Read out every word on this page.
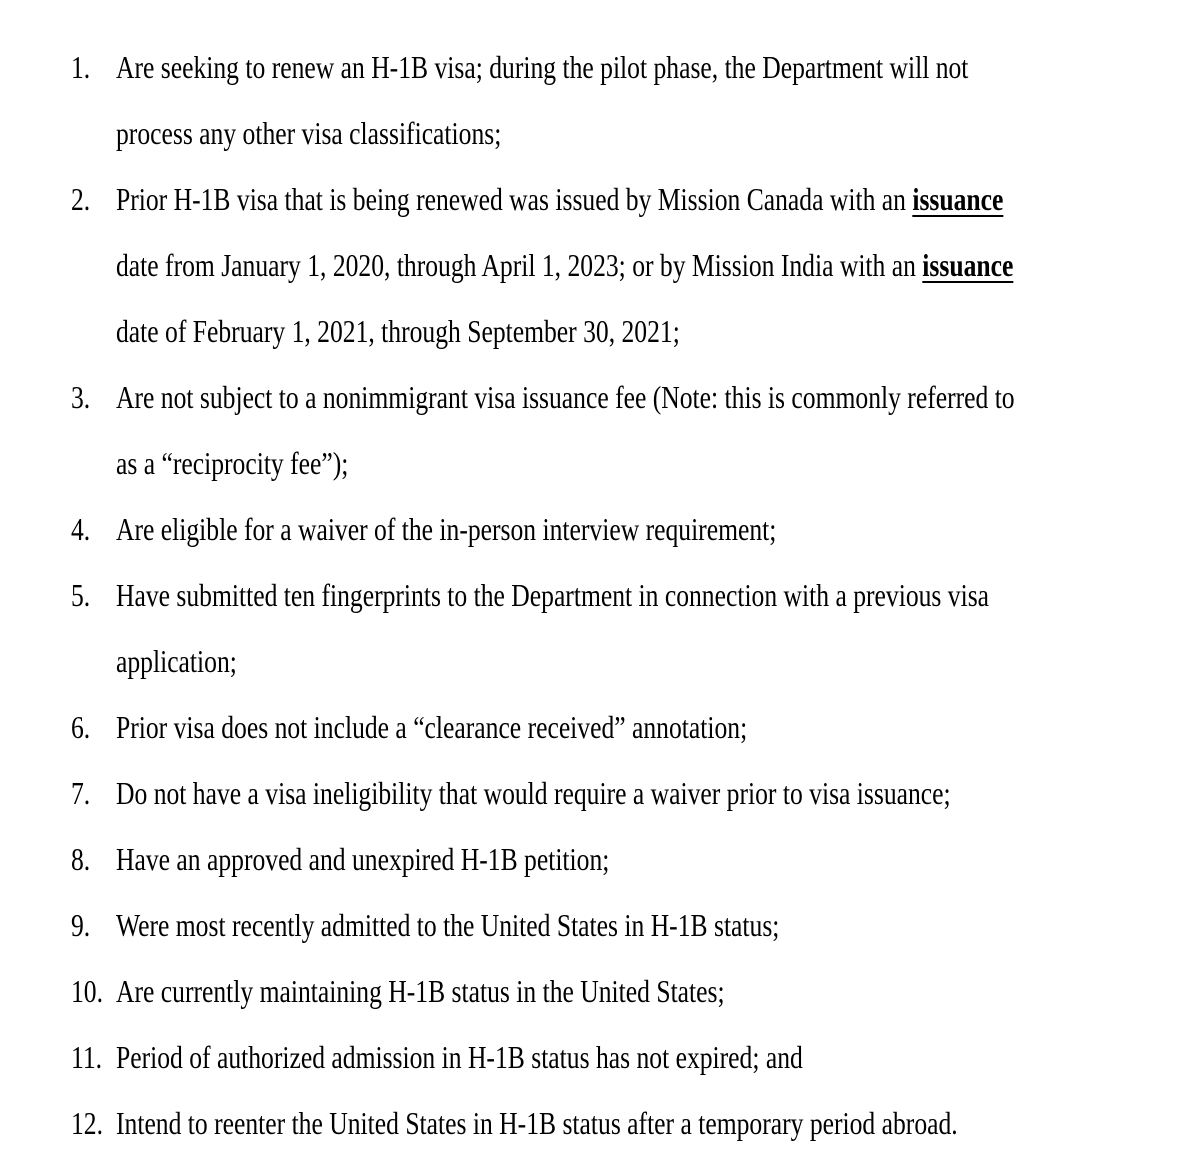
1. Are seeking to renew an H-1B visa; during the pilot phase, the Department will not
process any other visa classifications;
2. Prior H-1B visa that is being renewed was issued by Mission Canada with an issuance
date from January 1, 2020, through April 1, 2023; or by Mission India with an issuance
date of February 1, 2021, through September 30, 2021;
3. Are not subject to a nonimmigrant visa issuance fee (Note: this is commonly referred to
as a “reciprocity fee”);
4. Are eligible for a waiver of the in-person interview requirement;
5. Have submitted ten fingerprints to the Department in connection with a previous visa
application;
6. Prior visa does not include a “clearance received” annotation;
7. Do not have a visa ineligibility that would require a waiver prior to visa issuance;
8. Have an approved and unexpired H-1B petition;
9. Were most recently admitted to the United States in H-1B status;
10. Are currently maintaining H-1B status in the United States;
11. Period of authorized admission in H-1B status has not expired; and
12. Intend to reenter the United States in H-1B status after a temporary period abroad.
